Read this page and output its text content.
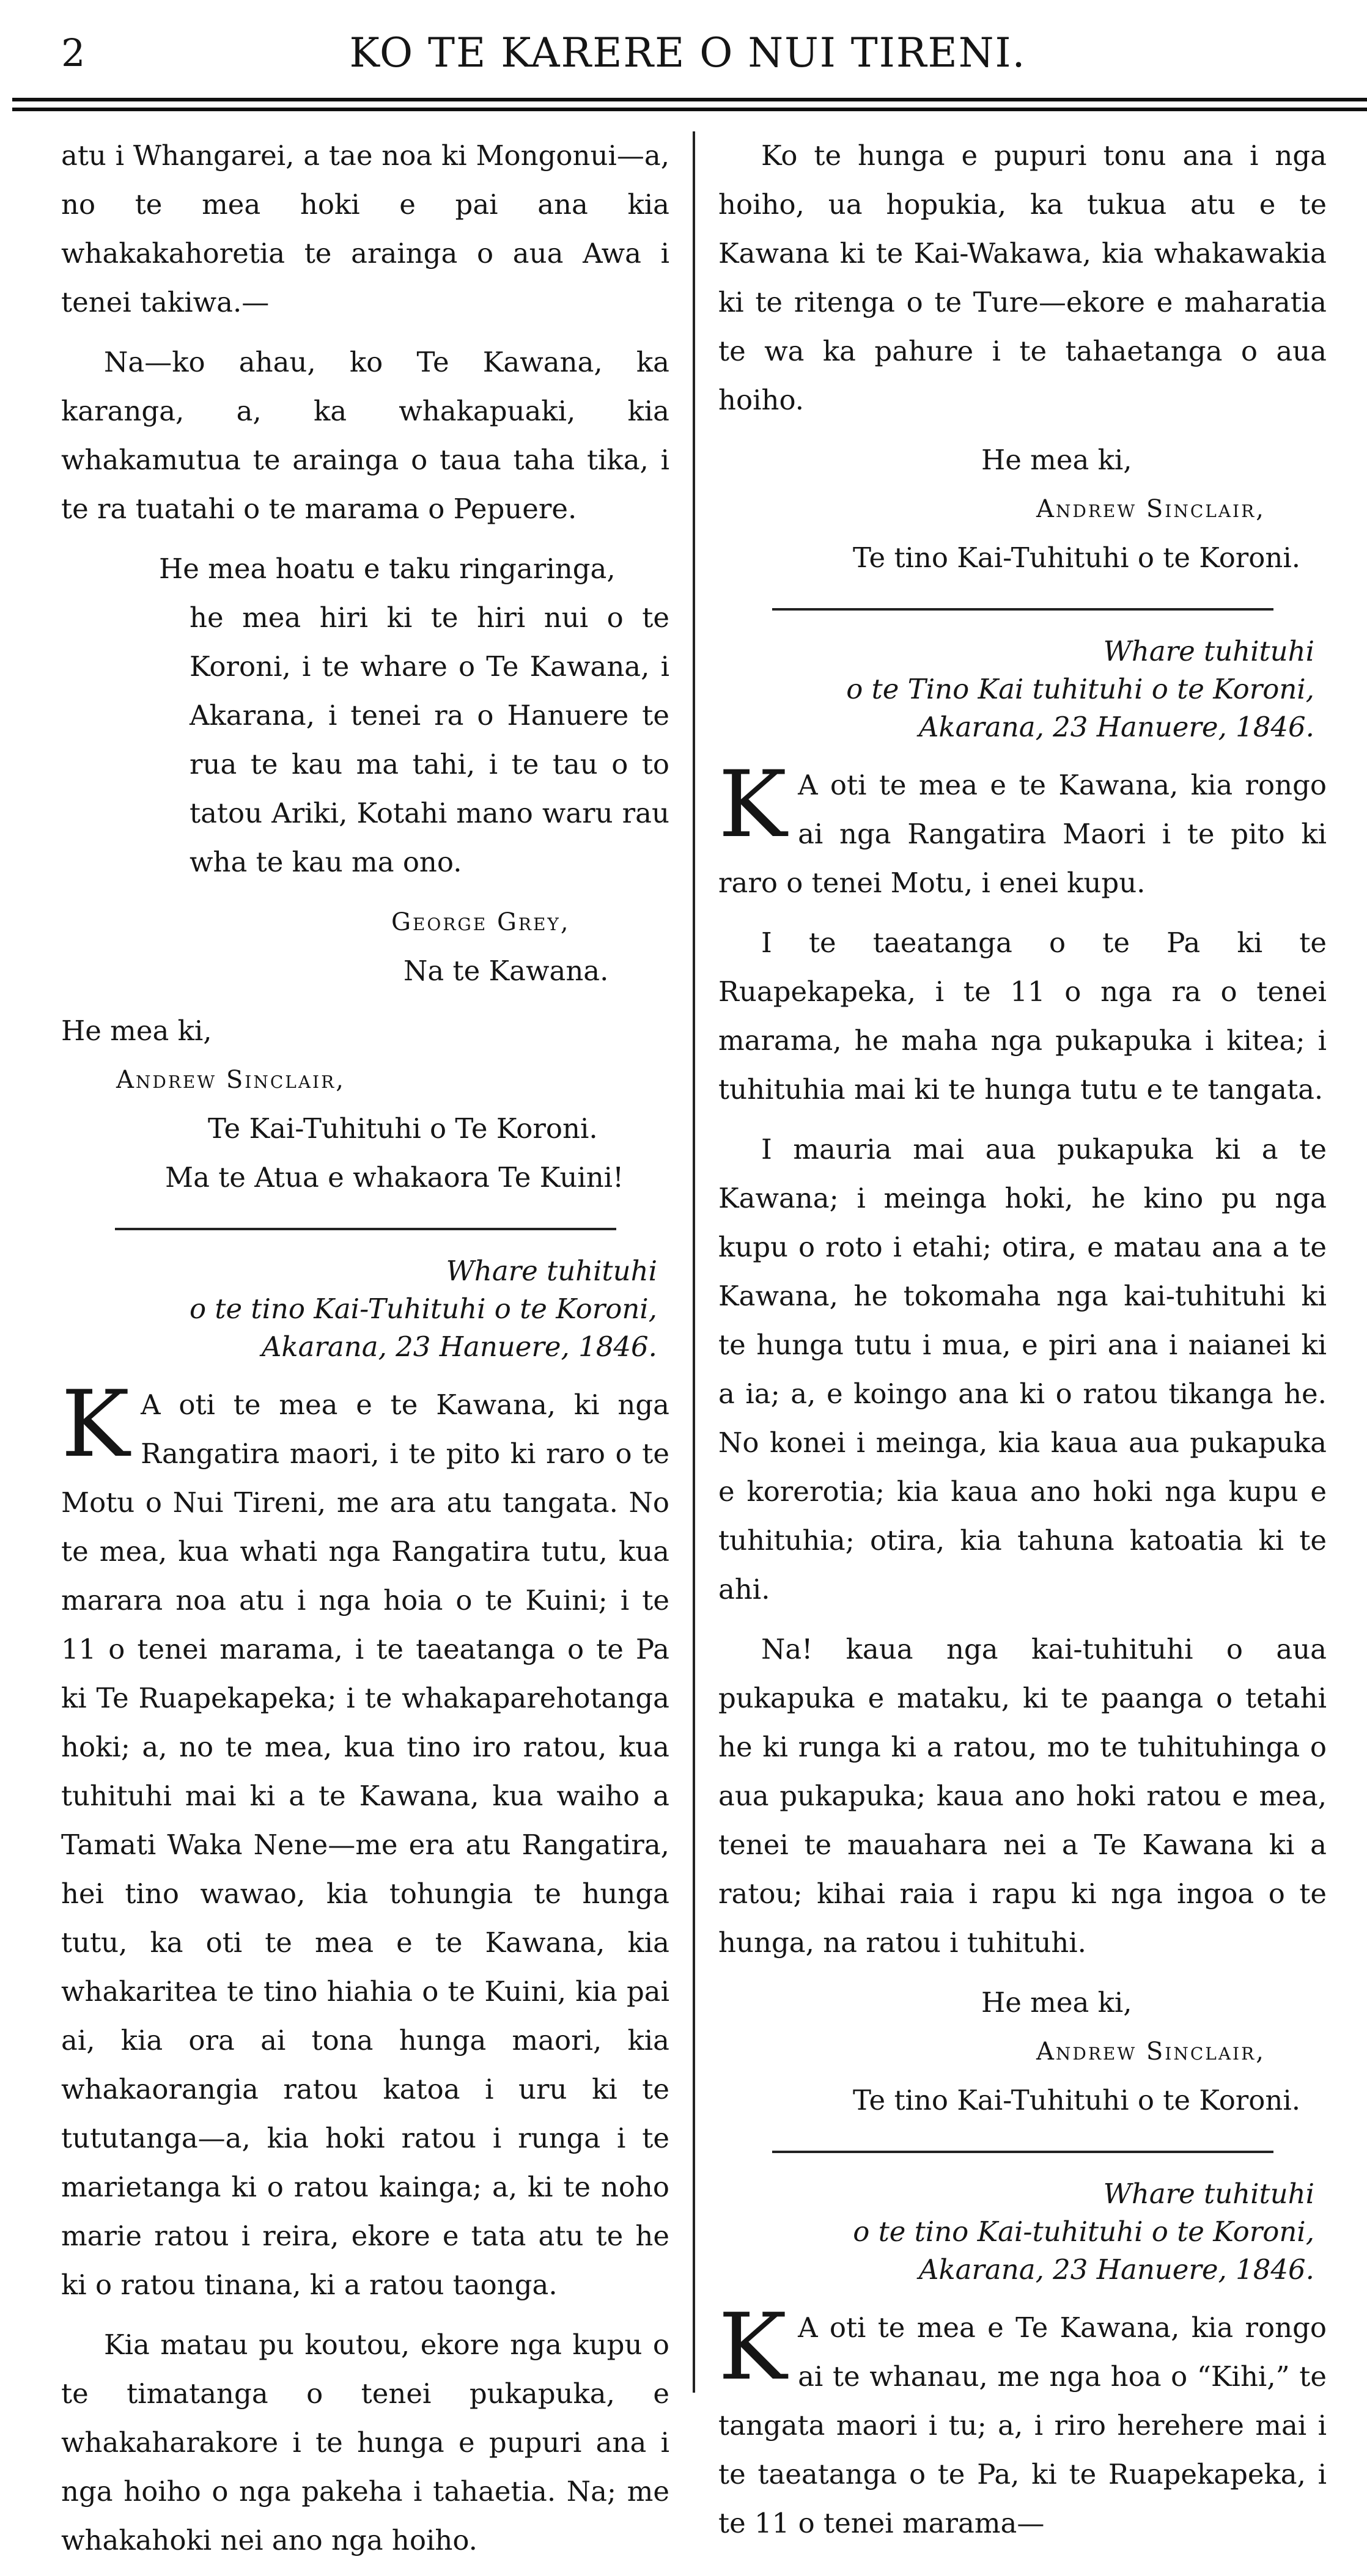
2	KO TE KARERE O NUI TIRENI.

atu i Whangarei, a tae noa ki Mongonui—a, no te mea hoki e pai ana kia whakakahoretia te arainga o aua Awa i tenei takiwa.—

Na—ko ahau, ko Te Kawana, ka karanga, a, ka whakapuaki, kia whakamutua te arainga o taua taha tika, i te ra tuatahi o te marama o Pepuere.

He mea hoatu e taku ringaringa,
he mea hiri ki te hiri nui o te Koroni, i te whare o Te Kawana, i Akarana, i tenei ra o Hanuere te rua te kau ma tahi, i te tau o to tatou Ariki, Kotahi mano waru rau wha te kau ma ono.

George Grey,
Na te Kawana.
He mea ki,
Andrew Sinclair,
Te Kai-Tuhituhi o Te Koroni.
Ma te Atua e whakaora Te Kuini!
Whare tuhituhi
o te tino Kai-Tuhituhi o te Koroni,
Akarana, 23 Hanuere, 1846.

K A oti te mea e te Kawana, ki nga Rangatira maori, i te pito ki raro o te Motu o Nui Tireni, me ara atu tangata. No te mea, kua whati nga Rangatira tutu, kua marara noa atu i nga hoia o te Kuini; i te 11 o tenei marama, i te taeatanga o te Pa ki Te Ruapekapeka; i te whakaparehotanga hoki; a, no te mea, kua tino iro ratou, kua tuhituhi mai ki a te Kawana, kua waiho a Tamati Waka Nene—me era atu Rangatira, hei tino wawao, kia tohungia te hunga tutu, ka oti te mea e te Kawana, kia whakaritea te tino hiahia o te Kuini, kia pai ai, kia ora ai tona hunga maori, kia whakaorangia ratou katoa i uru ki te tututanga—a, kia hoki ratou i runga i te marietanga ki o ratou kainga; a, ki te noho marie ratou i reira, ekore e tata atu te he ki o ratou tinana, ki a ratou taonga.

Kia matau pu koutou, ekore nga kupu o te timatanga o tenei pukapuka, e whakaharakore i te hunga e pupuri ana i nga hoiho o nga pakeha i tahaetia. Na; me whakahoki nei ano nga hoiho.

Ko te hunga e pupuri tonu ana i nga hoiho, ua hopukia, ka tukua atu e te Kawana ki te Kai-Wakawa, kia whakawakia ki te ritenga o te Ture—ekore e maharatia te wa ka pahure i te tahaetanga o aua hoiho.

He mea ki,
Andrew Sinclair,
Te tino Kai-Tuhituhi o te Koroni.
Whare tuhituhi
o te Tino Kai tuhituhi o te Koroni,
Akarana, 23 Hanuere, 1846.

K A oti te mea e te Kawana, kia rongo ai nga Rangatira Maori i te pito ki raro o tenei Motu, i enei kupu.

I te taeatanga o te Pa ki te Ruapekapeka, i te 11 o nga ra o tenei marama, he maha nga pukapuka i kitea; i tuhituhia mai ki te hunga tutu e te tangata.

I mauria mai aua pukapuka ki a te Kawana; i meinga hoki, he kino pu nga kupu o roto i etahi; otira, e matau ana a te Kawana, he tokomaha nga kai-tuhituhi ki te hunga tutu i mua, e piri ana i naianei ki a ia; a, e koingo ana ki o ratou tikanga he. No konei i meinga, kia kaua aua pukapuka e korerotia; kia kaua ano hoki nga kupu e tuhituhia; otira, kia tahuna katoatia ki te ahi.

Na! kaua nga kai-tuhituhi o aua pukapuka e mataku, ki te paanga o tetahi he ki runga ki a ratou, mo te tuhituhinga o aua pukapuka; kaua ano hoki ratou e mea, tenei te mauahara nei a Te Kawana ki a ratou; kihai raia i rapu ki nga ingoa o te hunga, na ratou i tuhituhi.

He mea ki,
Andrew Sinclair,
Te tino Kai-Tuhituhi o te Koroni.
Whare tuhituhi
o te tino Kai-tuhituhi o te Koroni,
Akarana, 23 Hanuere, 1846.

K A oti te mea e Te Kawana, kia rongo ai te whanau, me nga hoa o “Kihi,” te tangata maori i tu; a, i riro herehere mai i te taeatanga o te Pa, ki te Ruapekapeka, i te 11 o tenei marama—
